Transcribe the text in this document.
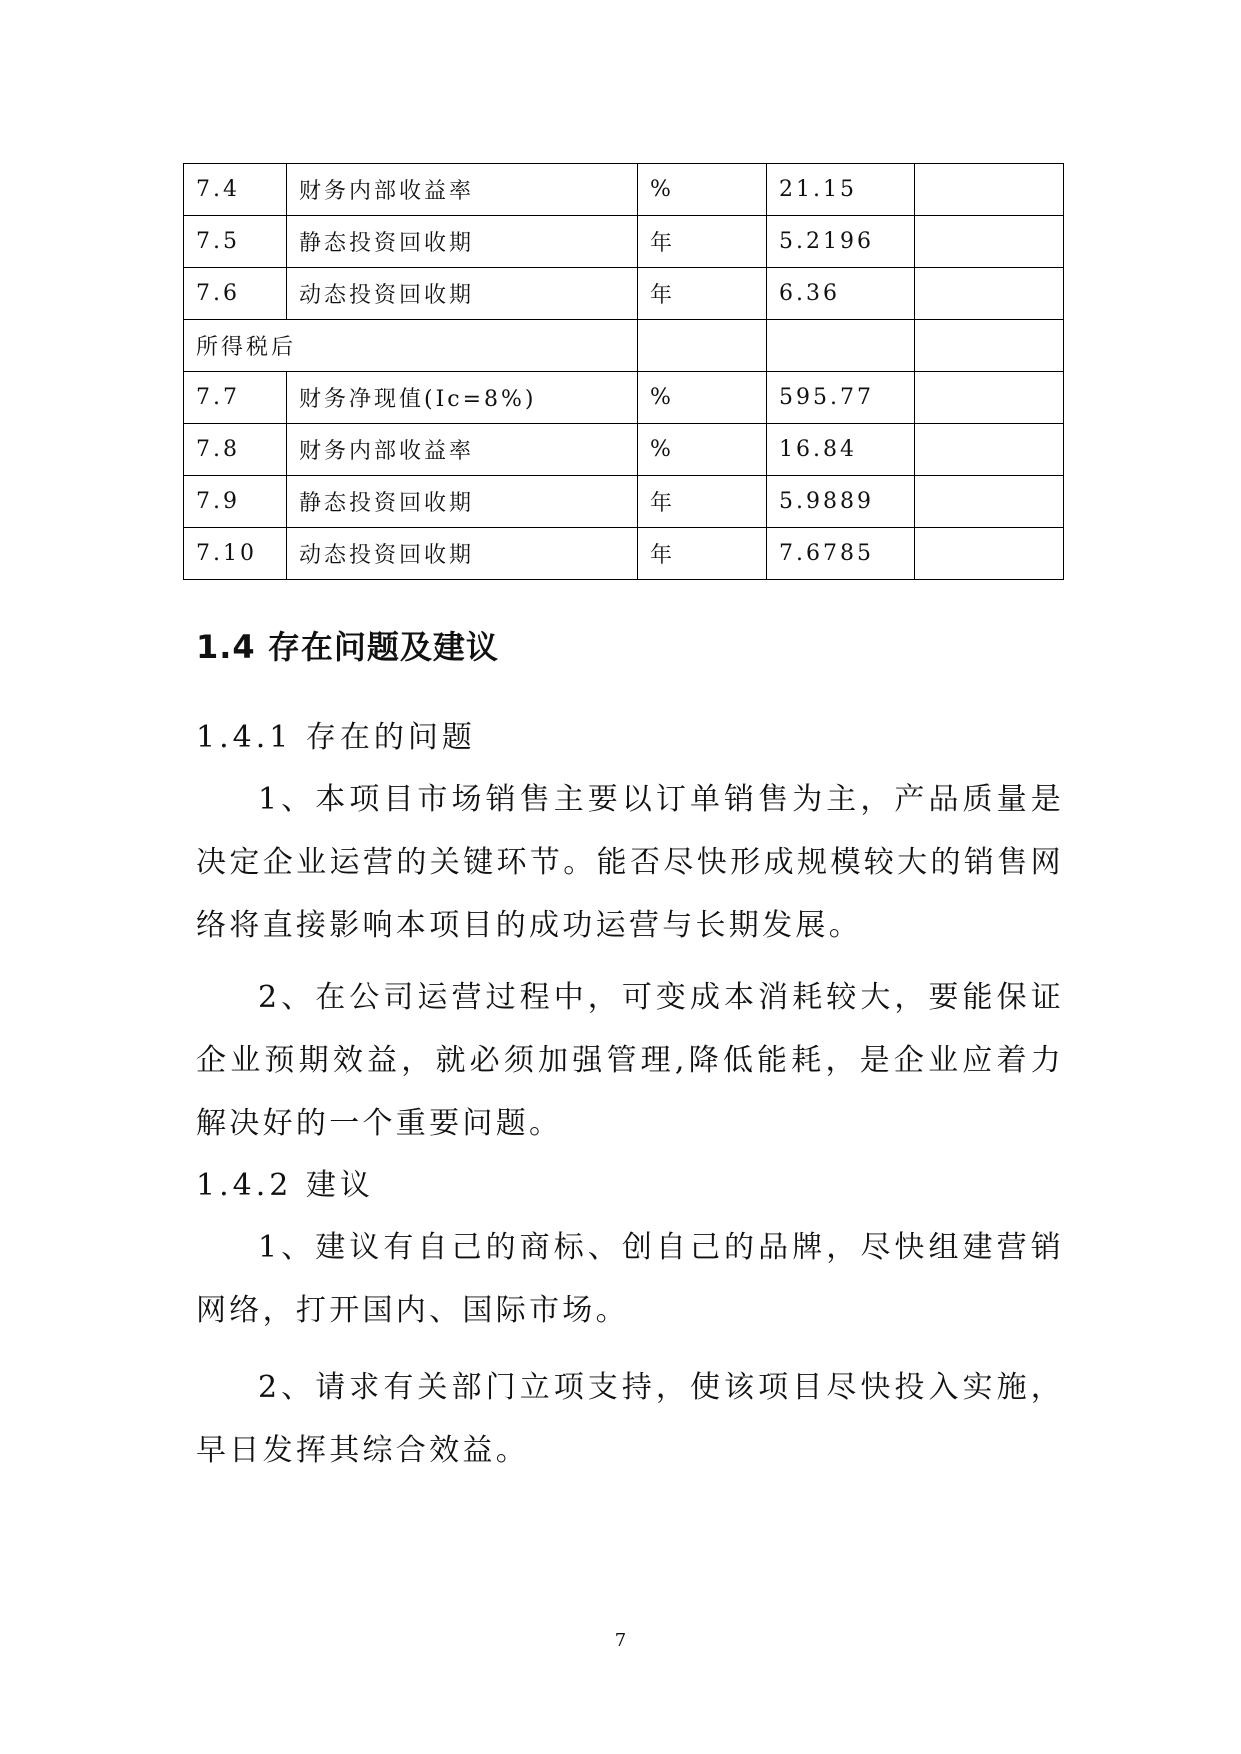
7.4	财务内部收益率	%	21.15	
7.5	静态投资回收期	年	5.2196	
7.6	动态投资回收期	年	6.36	
所得税后				
7.7	财务净现值(Ic=8%)	%	595.77	
7.8	财务内部收益率	%	16.84	
7.9	静态投资回收期	年	5.9889	
7.10	动态投资回收期	年	7.6785	
1.4 存在问题及建议
1.4.1 存在的问题

1、本项目市场销售主要以订单销售为主，产品质量是决定企业运营的关键环节。能否尽快形成规模较大的销售网络将直接影响本项目的成功运营与长期发展。

2、在公司运营过程中，可变成本消耗较大，要能保证企业预期效益，就必须加强管理,降低能耗，是企业应着力解决好的一个重要问题。

1.4.2 建议

1、建议有自己的商标、创自己的品牌，尽快组建营销网络，打开国内、国际市场。

2、请求有关部门立项支持，使该项目尽快投入实施，早日发挥其综合效益。

7
